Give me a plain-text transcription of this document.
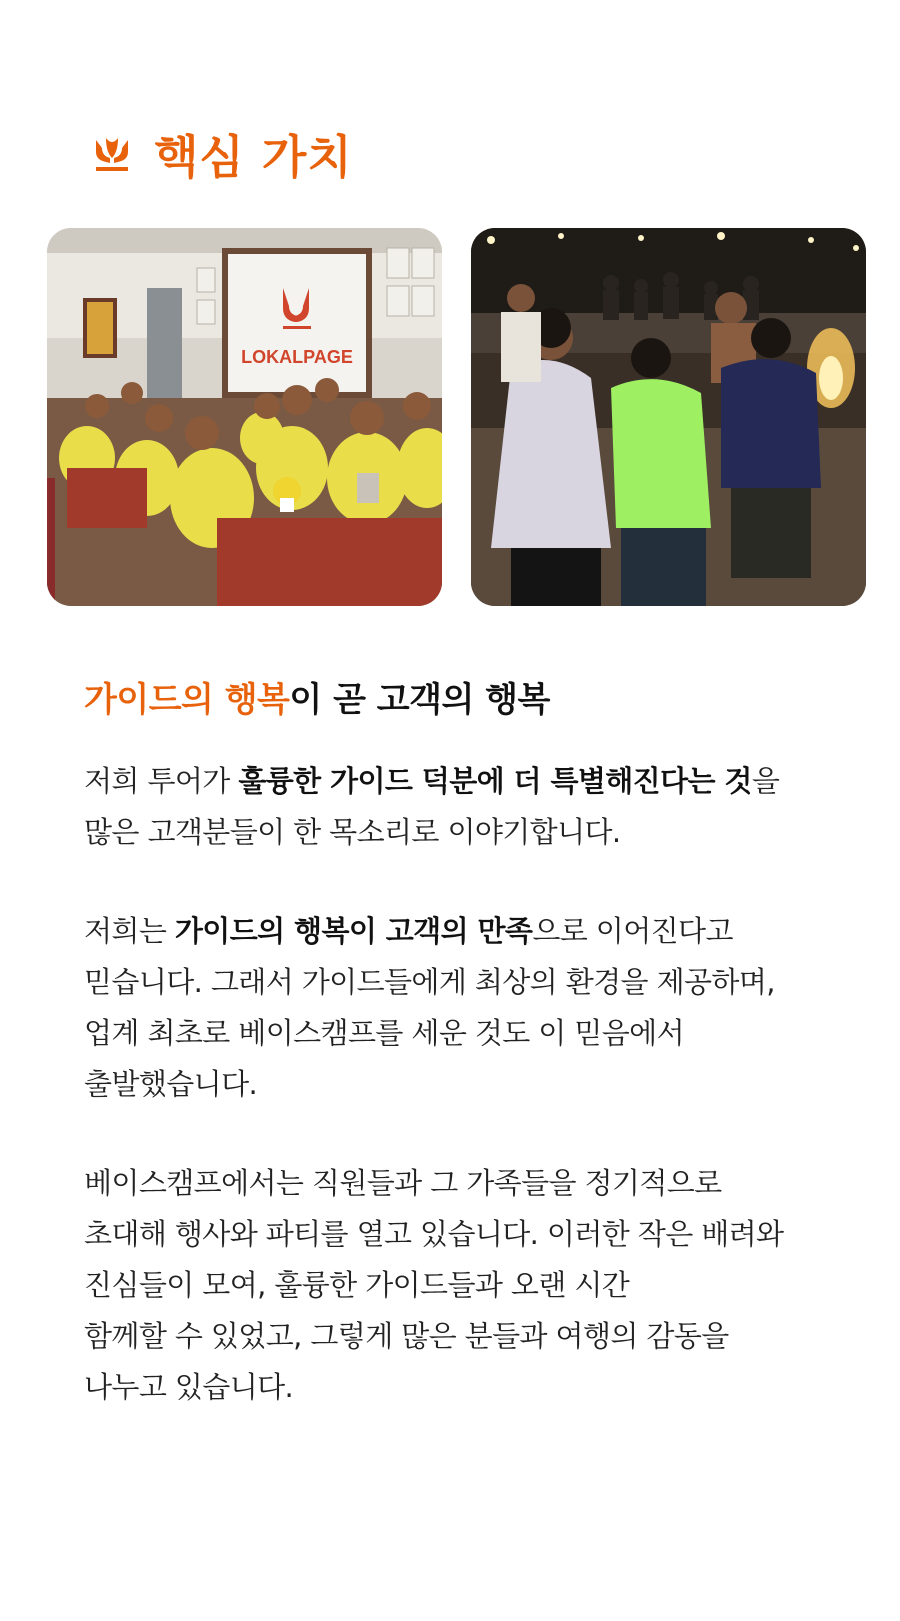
핵심 가치
LOKALPAGE
가이드의 행복이 곧 고객의 행복

저희 투어가 훌륭한 가이드 덕분에 더 특별해진다는 것을
많은 고객분들이 한 목소리로 이야기합니다.

저희는 가이드의 행복이 고객의 만족으로 이어진다고
믿습니다. 그래서 가이드들에게 최상의 환경을 제공하며,
업계 최초로 베이스캠프를 세운 것도 이 믿음에서
출발했습니다.

베이스캠프에서는 직원들과 그 가족들을 정기적으로
초대해 행사와 파티를 열고 있습니다. 이러한 작은 배려와
진심들이 모여, 훌륭한 가이드들과 오랜 시간
함께할 수 있었고, 그렇게 많은 분들과 여행의 감동을
나누고 있습니다.
